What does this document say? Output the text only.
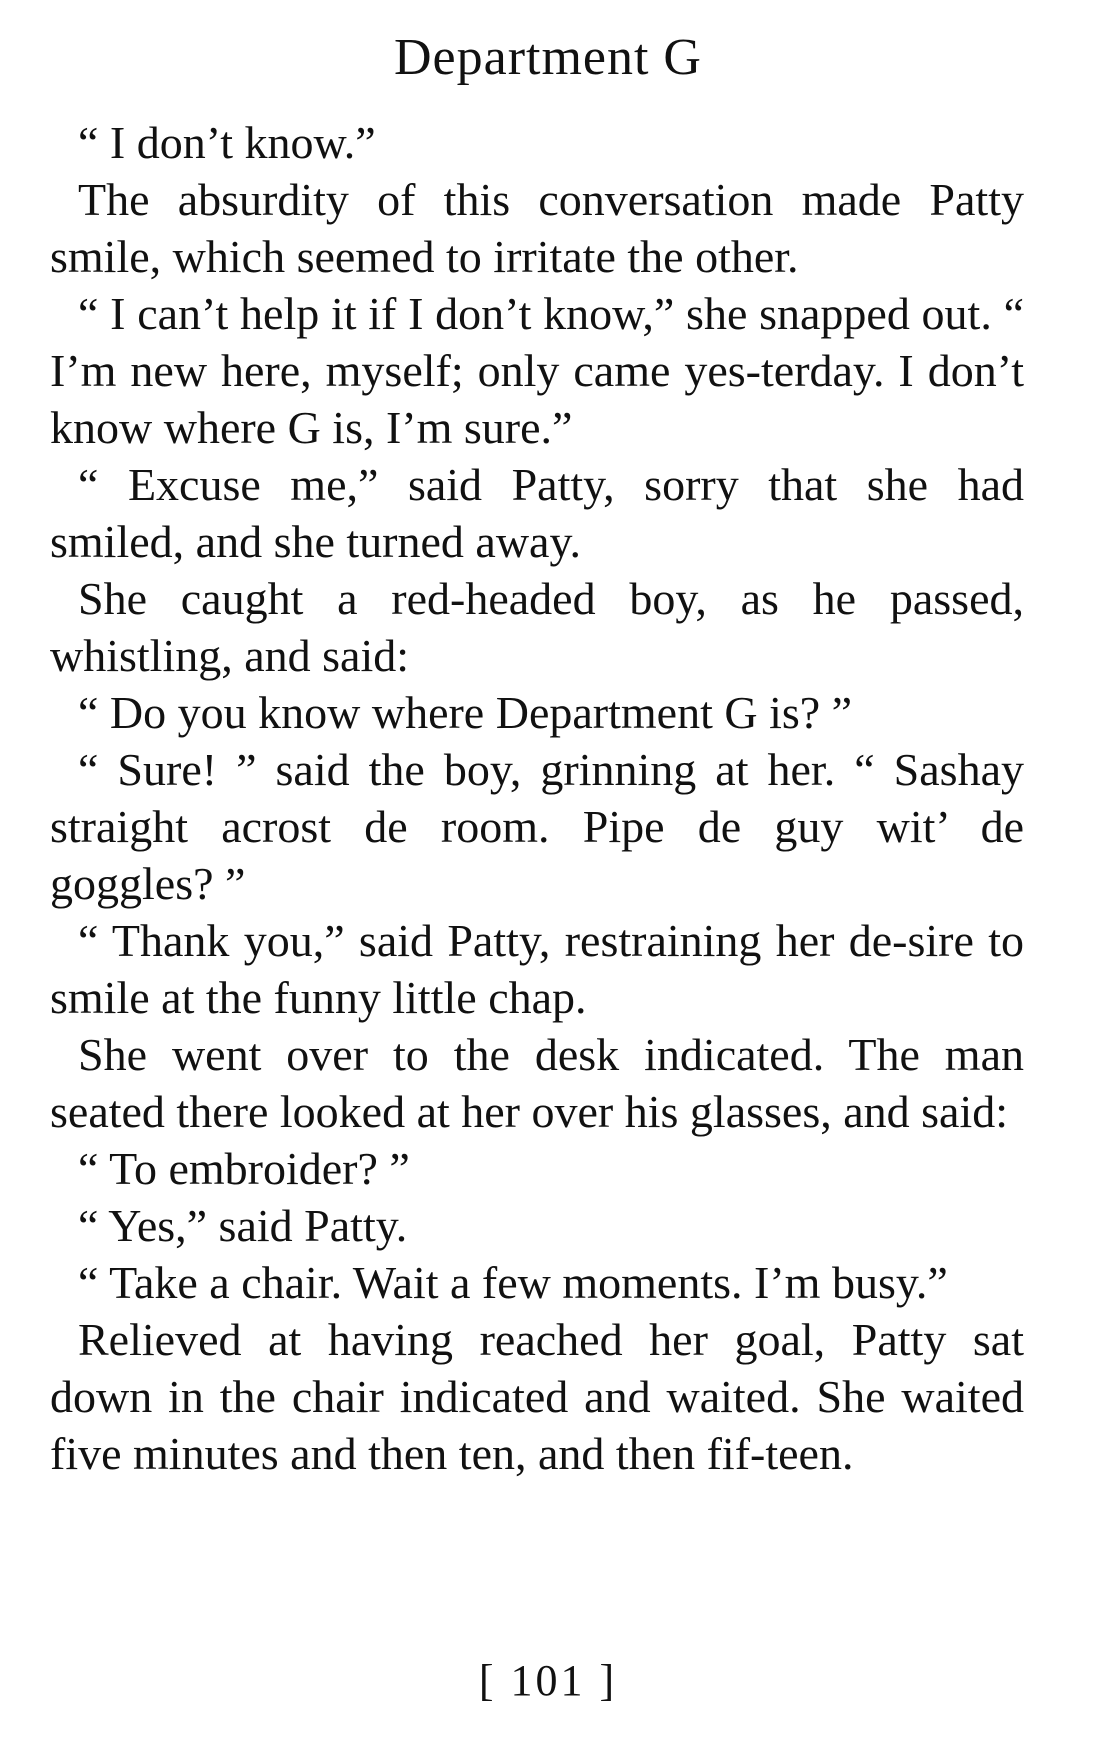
Department G

“ I don’t know.”

The absurdity of this conversation made Patty smile, which seemed to irritate the other.

“ I can’t help it if I don’t know,” she snapped out. “ I’m new here, myself; only came yes-terday. I don’t know where G is, I’m sure.”

“ Excuse me,” said Patty, sorry that she had smiled, and she turned away.

She caught a red-headed boy, as he passed, whistling, and said:

“ Do you know where Department G is? ”

“ Sure! ” said the boy, grinning at her. “ Sashay straight acrost de room. Pipe de guy wit’ de goggles? ”

“ Thank you,” said Patty, restraining her de-sire to smile at the funny little chap.

She went over to the desk indicated. The man seated there looked at her over his glasses, and said:

“ To embroider? ”

“ Yes,” said Patty.

“ Take a chair. Wait a few moments. I’m busy.”

Relieved at having reached her goal, Patty sat down in the chair indicated and waited. She waited five minutes and then ten, and then fif-teen.

[ 101 ]
